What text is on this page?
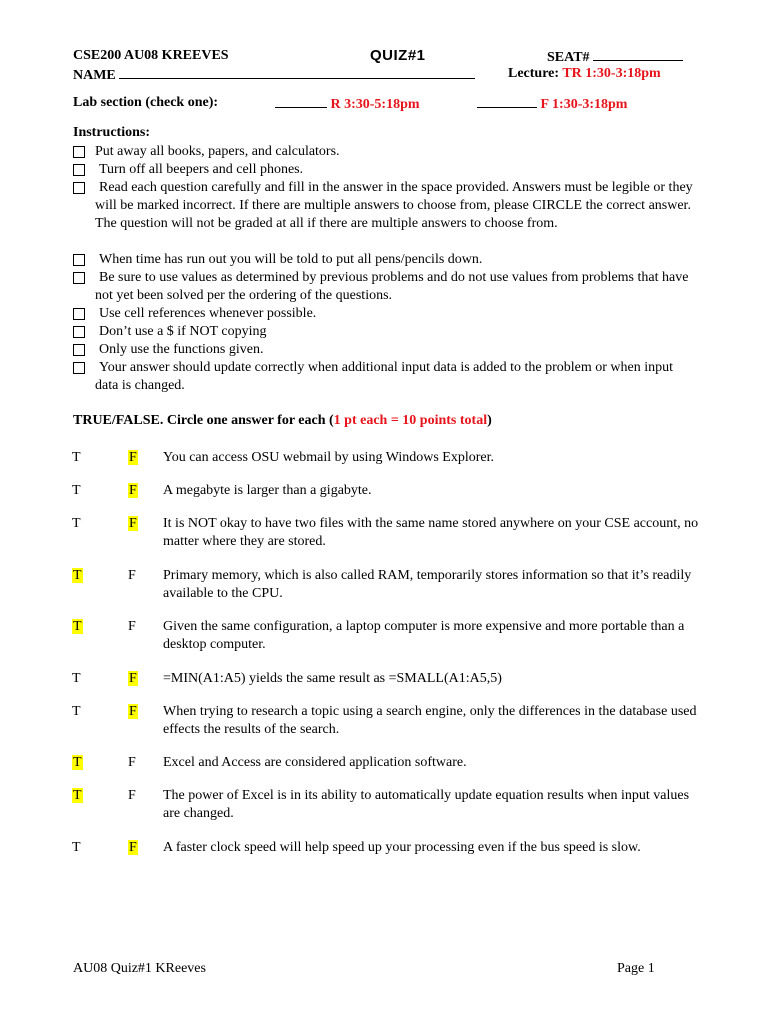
CSE200 AU08 KREEVES	QUIZ#1	SEAT#
NAME	Lecture: TR 1:30-3:18pm
Lab section (check one):	R 3:30-5:18pm	F 1:30-3:18pm
Instructions:
Put away all books, papers, and calculators.
Turn off all beepers and cell phones.
Read each question carefully and fill in the answer in the space provided. Answers must be legible or they will be marked incorrect. If there are multiple answers to choose from, please CIRCLE the correct answer. The question will not be graded at all if there are multiple answers to choose from.
When time has run out you will be told to put all pens/pencils down.
Be sure to use values as determined by previous problems and do not use values from problems that have not yet been solved per the ordering of the questions.
Use cell references whenever possible.
Don’t use a $ if NOT copying
Only use the functions given.
Your answer should update correctly when additional input data is added to the problem or when input data is changed.
TRUE/FALSE. Circle one answer for each (1 pt each = 10 points total)
T	F You can access OSU webmail by using Windows Explorer.
T	F A megabyte is larger than a gigabyte.
T	F It is NOT okay to have two files with the same name stored anywhere on your CSE account, no matter where they are stored.
T	F Primary memory, which is also called RAM, temporarily stores information so that it’s readily available to the CPU.
T	F Given the same configuration, a laptop computer is more expensive and more portable than a desktop computer.
T	F =MIN(A1:A5) yields the same result as =SMALL(A1:A5,5)
T	F When trying to research a topic using a search engine, only the differences in the database used effects the results of the search.
T	F Excel and Access are considered application software.
T	F The power of Excel is in its ability to automatically update equation results when input values are changed.
T	F A faster clock speed will help speed up your processing even if the bus speed is slow.
AU08 Quiz#1 KReeves	Page 1
